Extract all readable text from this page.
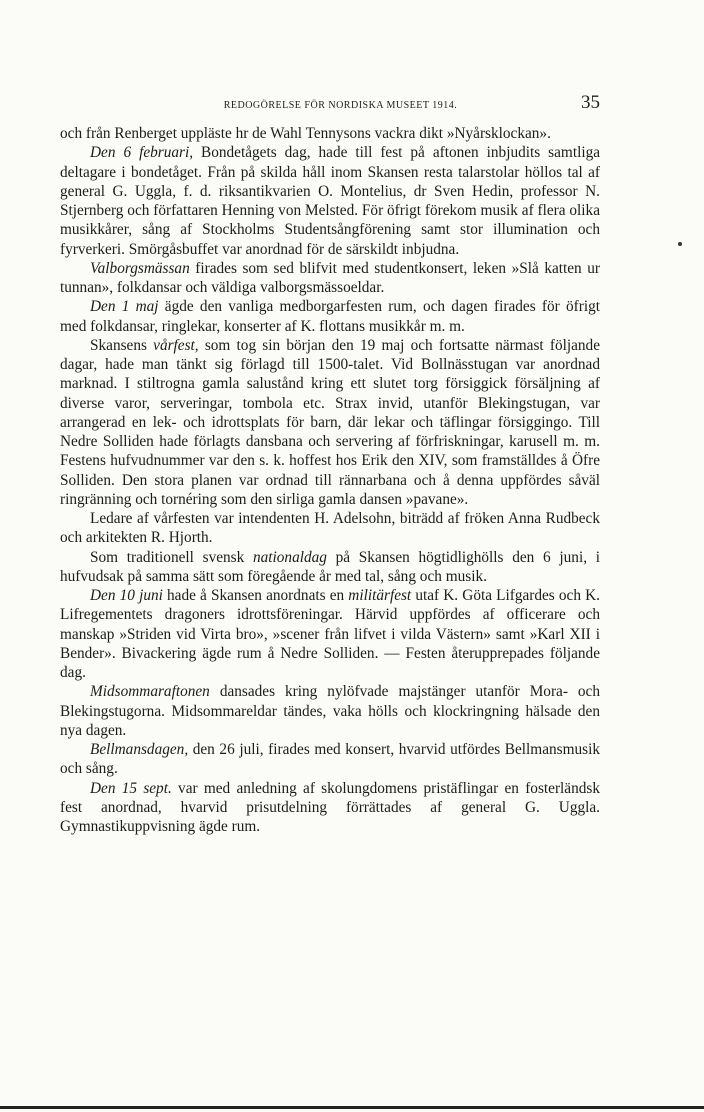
REDOGÖRELSE FÖR NORDISKA MUSEET 1914.	35

och från Renberget uppläste hr de Wahl Tennysons vackra dikt »Nyårsklockan».

Den 6 februari, Bondetågets dag, hade till fest på aftonen inbjudits samtliga deltagare i bondetåget. Från på skilda håll inom Skansen resta talarstolar höllos tal af general G. Uggla, f. d. riksantikvarien O. Montelius, dr Sven Hedin, professor N. Stjernberg och författaren Henning von Melsted. För öfrigt förekom musik af flera olika musikkårer, sång af Stockholms Studentsångförening samt stor illumination och fyrverkeri. Smörgåsbuffet var anordnad för de särskildt inbjudna.

Valborgsmässan firades som sed blifvit med studentkonsert, leken »Slå katten ur tunnan», folkdansar och väldiga valborgsmässoeldar.

Den 1 maj ägde den vanliga medborgarfesten rum, och dagen firades för öfrigt med folkdansar, ringlekar, konserter af K. flottans musikkår m. m.

Skansens vårfest, som tog sin början den 19 maj och fortsatte närmast följande dagar, hade man tänkt sig förlagd till 1500-talet. Vid Bollnässtugan var anordnad marknad. I stiltrogna gamla salustånd kring ett slutet torg försiggick försäljning af diverse varor, serveringar, tombola etc. Strax invid, utanför Blekingstugan, var arrangerad en lek- och idrottsplats för barn, där lekar och täflingar försiggingo. Till Nedre Solliden hade förlagts dansbana och servering af förfriskningar, karusell m. m. Festens hufvudnummer var den s. k. hoffest hos Erik den XIV, som framställdes å Öfre Solliden. Den stora planen var ordnad till rännarbana och å denna uppfördes såväl ringränning och tornéring som den sirliga gamla dansen »pavane».

Ledare af vårfesten var intendenten H. Adelsohn, biträdd af fröken Anna Rudbeck och arkitekten R. Hjorth.

Som traditionell svensk nationaldag på Skansen högtidlighölls den 6 juni, i hufvudsak på samma sätt som föregående år med tal, sång och musik.

Den 10 juni hade å Skansen anordnats en militärfest utaf K. Göta Lifgardes och K. Lifregementets dragoners idrottsföreningar. Härvid uppfördes af officerare och manskap »Striden vid Virta bro», »scener från lifvet i vilda Västern» samt »Karl XII i Bender». Bivackering ägde rum å Nedre Solliden. — Festen återupprepades följande dag.

Midsommaraftonen dansades kring nylöfvade majstänger utanför Mora- och Blekingstugorna. Midsommareldar tändes, vaka hölls och klockringning hälsade den nya dagen.

Bellmansdagen, den 26 juli, firades med konsert, hvarvid utfördes Bellmansmusik och sång.

Den 15 sept. var med anledning af skolungdomens pristäflingar en fosterländsk fest anordnad, hvarvid prisutdelning förrättades af general G. Uggla. Gymnastikuppvisning ägde rum.
